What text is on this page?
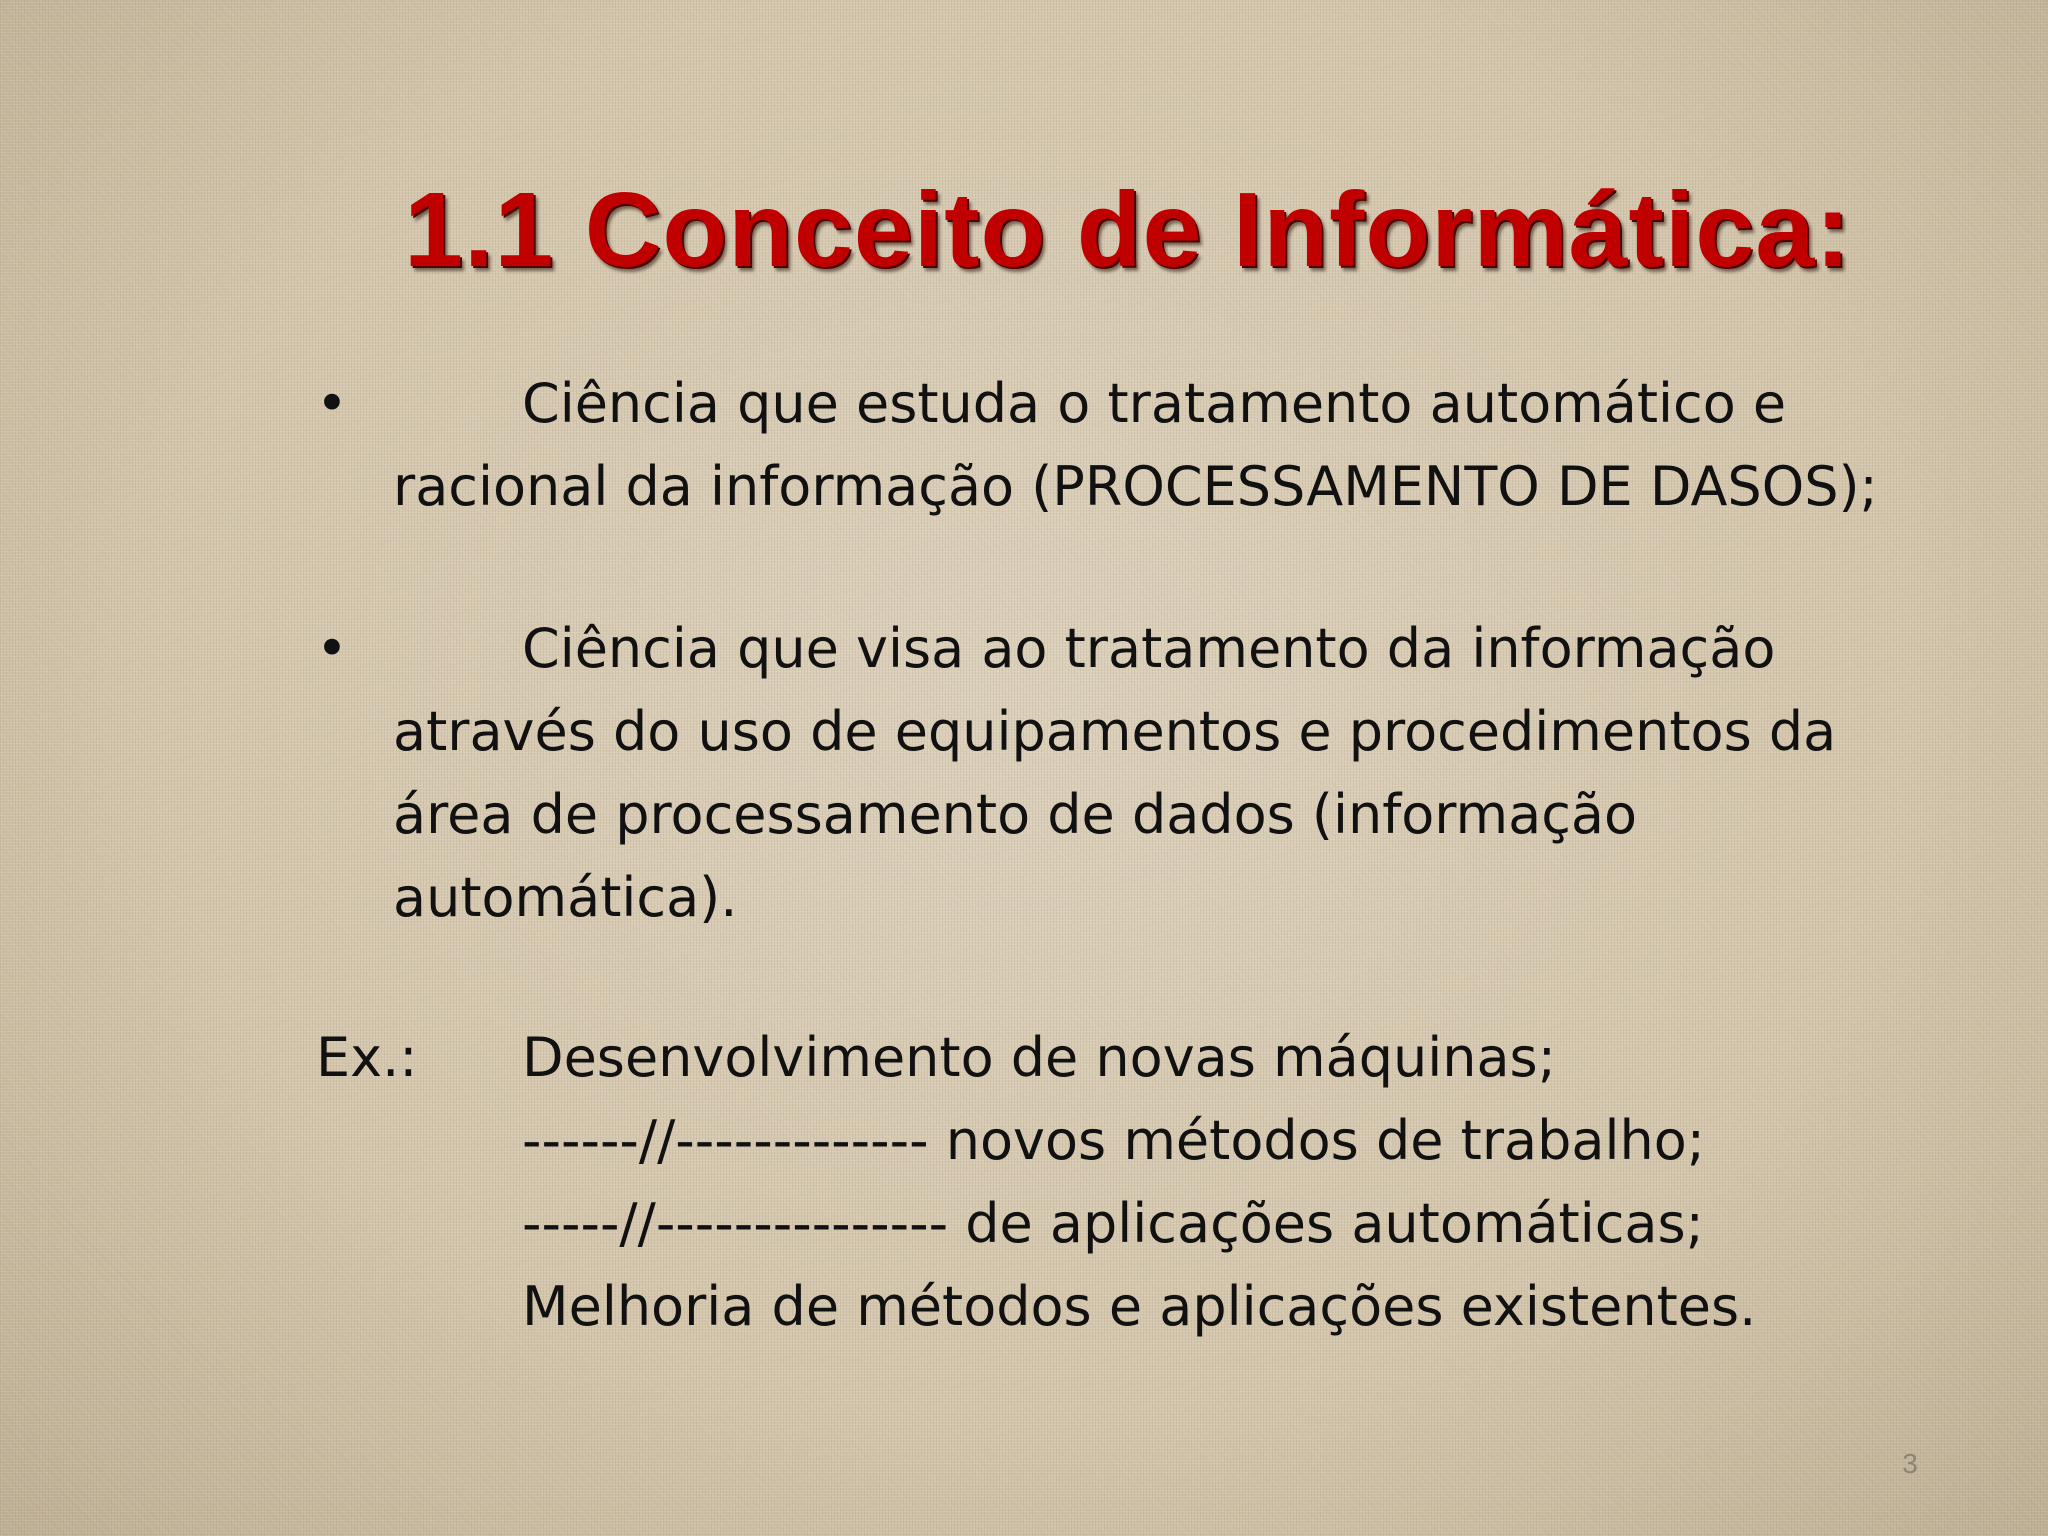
1.1 Conceito de Informática:
•	Ciência que estuda o tratamento automático e
racional da informação (PROCESSAMENTO DE DASOS);
•	Ciência que visa ao tratamento da informação
através do uso de equipamentos e procedimentos da
área de processamento de dados (informação
automática).
Ex.: Desenvolvimento de novas máquinas;
------//------------- novos métodos de trabalho;
-----//--------------- de aplicações automáticas;
Melhoria de métodos e aplicações existentes.
3
